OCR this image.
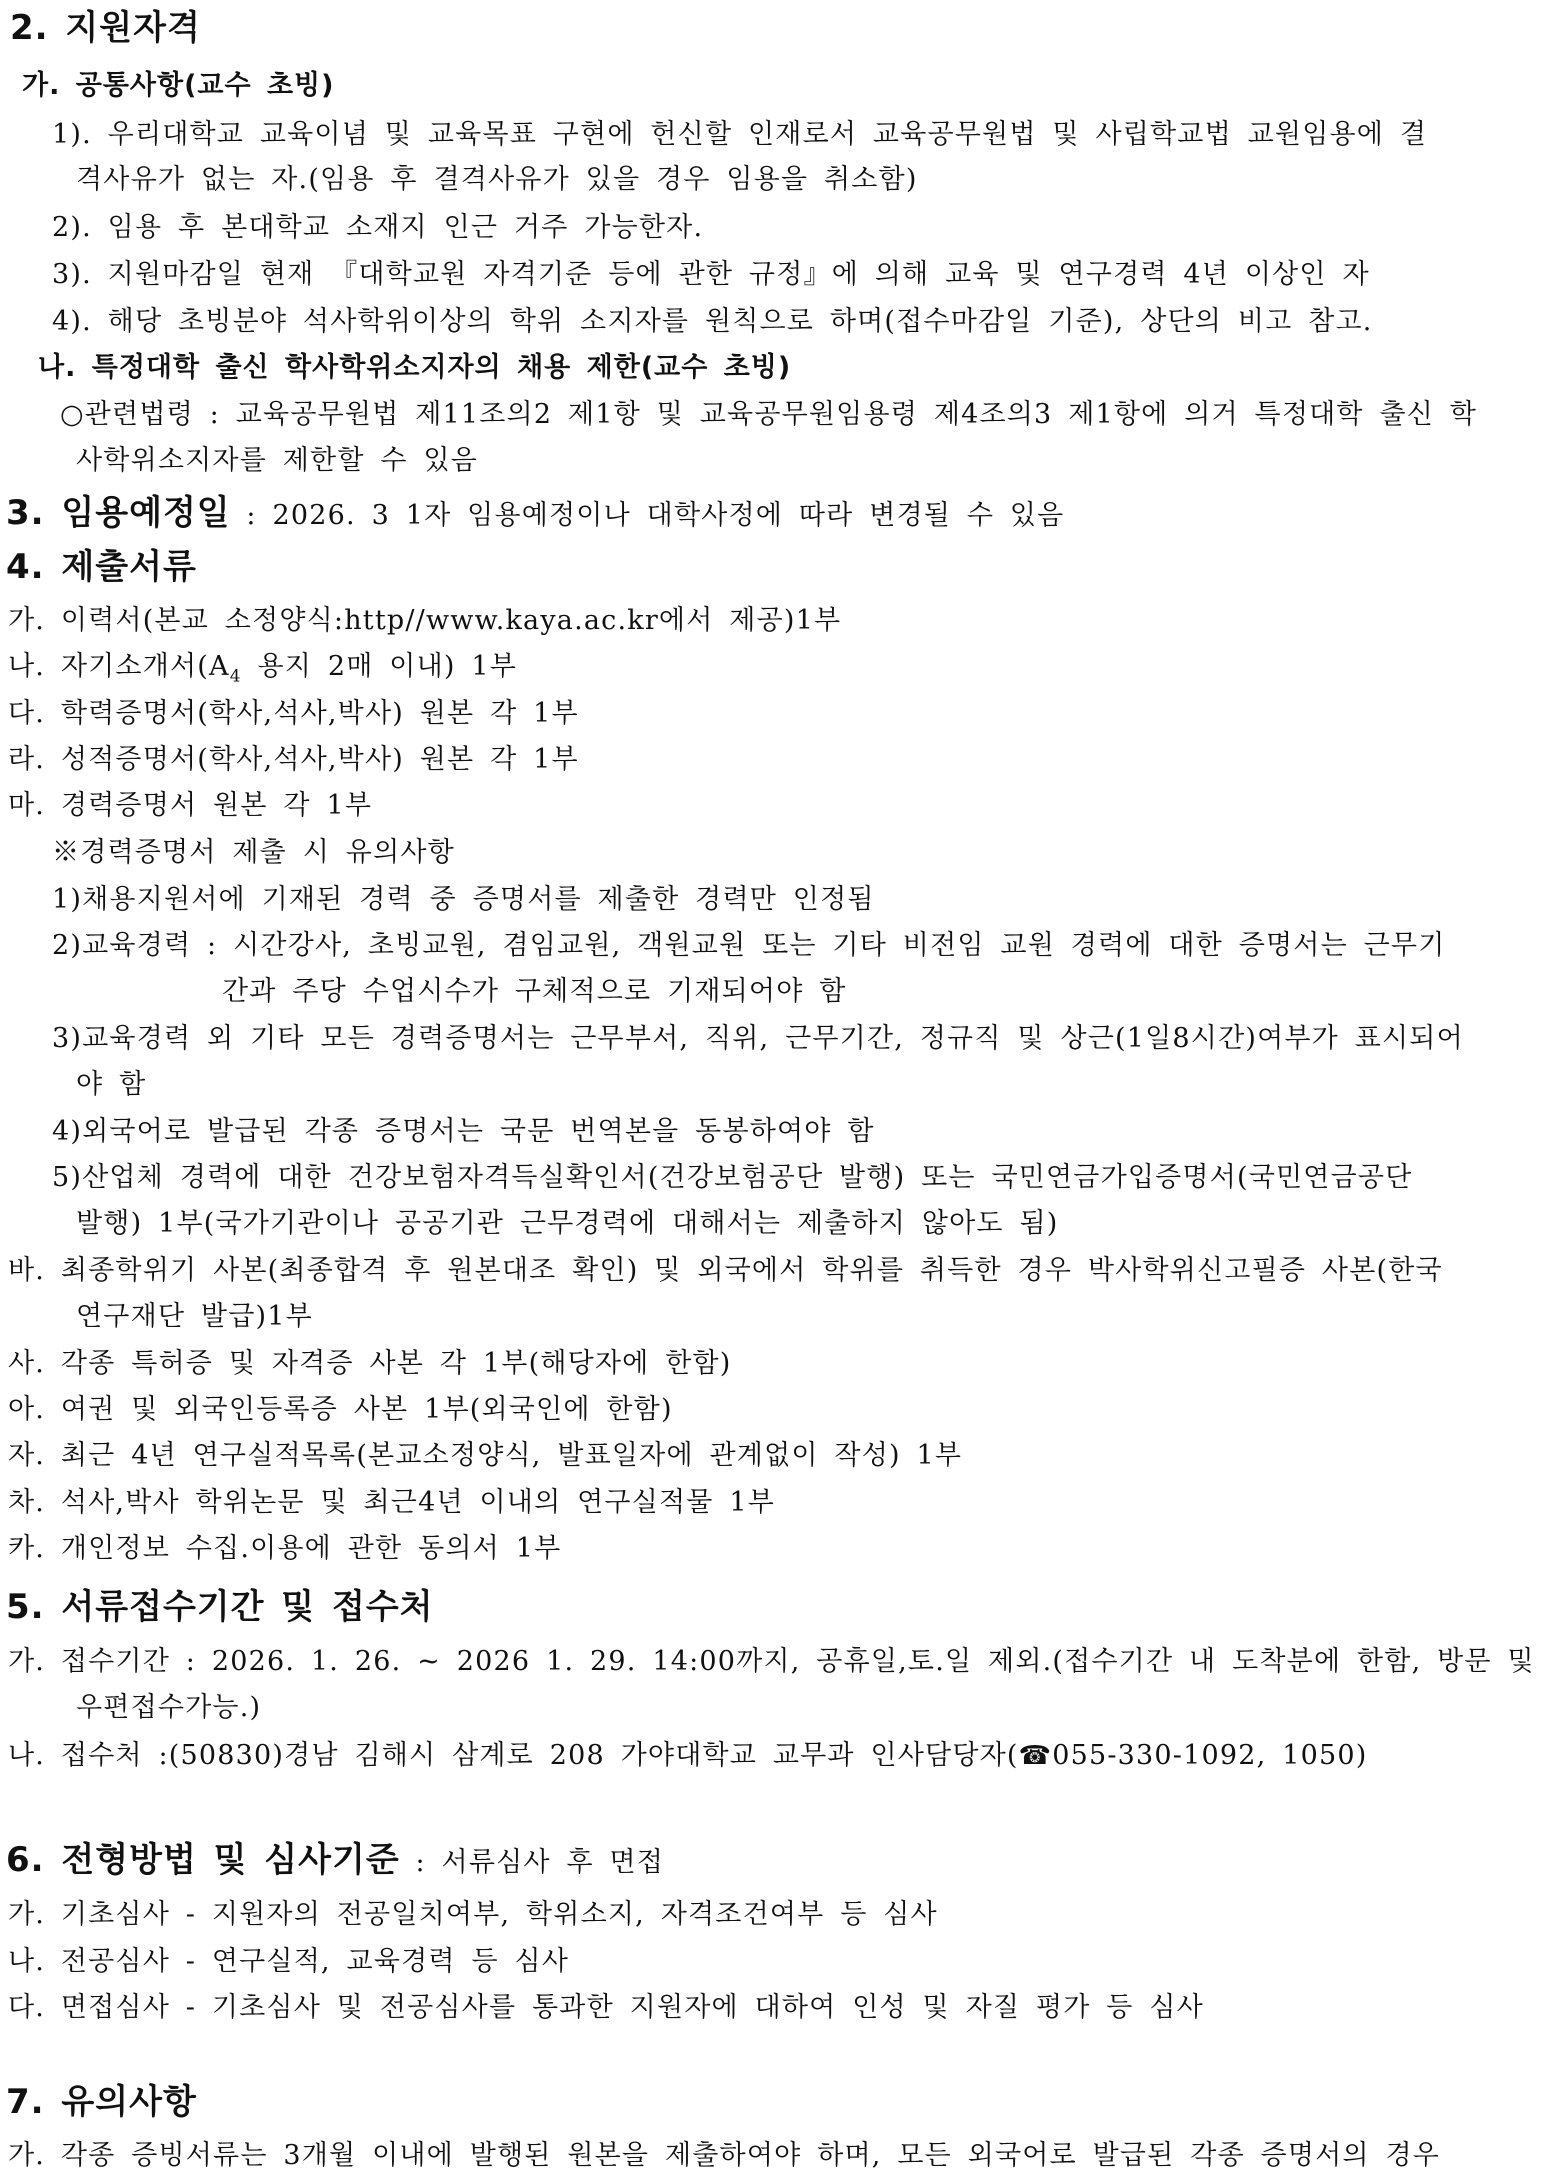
2. 지원자격
가. 공통사항(교수 초빙)
1). 우리대학교 교육이념 및 교육목표 구현에 헌신할 인재로서 교육공무원법 및 사립학교법 교원임용에 결
격사유가 없는 자.(임용 후 결격사유가 있을 경우 임용을 취소함)
2). 임용 후 본대학교 소재지 인근 거주 가능한자.
3). 지원마감일 현재 『대학교원 자격기준 등에 관한 규정』에 의해 교육 및 연구경력 4년 이상인 자
4). 해당 초빙분야 석사학위이상의 학위 소지자를 원칙으로 하며(접수마감일 기준), 상단의 비고 참고.
나. 특정대학 출신 학사학위소지자의 채용 제한(교수 초빙)
○관련법령 : 교육공무원법 제11조의2 제1항 및 교육공무원임용령 제4조의3 제1항에 의거 특정대학 출신 학
사학위소지자를 제한할 수 있음
3. 임용예정일 : 2026. 3 1자 임용예정이나 대학사정에 따라 변경될 수 있음
4. 제출서류
가. 이력서(본교 소정양식:http//www.kaya.ac.kr에서 제공)1부
나. 자기소개서($A_4$ 용지 2매 이내) 1부
다. 학력증명서(학사,석사,박사) 원본 각 1부
라. 성적증명서(학사,석사,박사) 원본 각 1부
마. 경력증명서 원본 각 1부
※경력증명서 제출 시 유의사항
1)채용지원서에 기재된 경력 중 증명서를 제출한 경력만 인정됨
2)교육경력 : 시간강사, 초빙교원, 겸임교원, 객원교원 또는 기타 비전임 교원 경력에 대한 증명서는 근무기
간과 주당 수업시수가 구체적으로 기재되어야 함
3)교육경력 외 기타 모든 경력증명서는 근무부서, 직위, 근무기간, 정규직 및 상근(1일8시간)여부가 표시되어
야 함
4)외국어로 발급된 각종 증명서는 국문 번역본을 동봉하여야 함
5)산업체 경력에 대한 건강보험자격득실확인서(건강보험공단 발행) 또는 국민연금가입증명서(국민연금공단
발행) 1부(국가기관이나 공공기관 근무경력에 대해서는 제출하지 않아도 됨)
바. 최종학위기 사본(최종합격 후 원본대조 확인) 및 외국에서 학위를 취득한 경우 박사학위신고필증 사본(한국
연구재단 발급)1부
사. 각종 특허증 및 자격증 사본 각 1부(해당자에 한함)
아. 여권 및 외국인등록증 사본 1부(외국인에 한함)
자. 최근 4년 연구실적목록(본교소정양식, 발표일자에 관계없이 작성) 1부
차. 석사,박사 학위논문 및 최근4년 이내의 연구실적물 1부
카. 개인정보 수집.이용에 관한 동의서 1부
5. 서류접수기간 및 접수처
가. 접수기간 : 2026. 1. 26. ~ 2026 1. 29. 14:00까지, 공휴일,토.일 제외.(접수기간 내 도착분에 한함, 방문 및
우편접수가능.)
나. 접수처 :(50830)경남 김해시 삼계로 208 가야대학교 교무과 인사담당자(☎055-330-1092, 1050)
6. 전형방법 및 심사기준 : 서류심사 후 면접
가. 기초심사 - 지원자의 전공일치여부, 학위소지, 자격조건여부 등 심사
나. 전공심사 - 연구실적, 교육경력 등 심사
다. 면접심사 - 기초심사 및 전공심사를 통과한 지원자에 대하여 인성 및 자질 평가 등 심사
7. 유의사항
가. 각종 증빙서류는 3개월 이내에 발행된 원본을 제출하여야 하며, 모든 외국어로 발급된 각종 증명서의 경우
